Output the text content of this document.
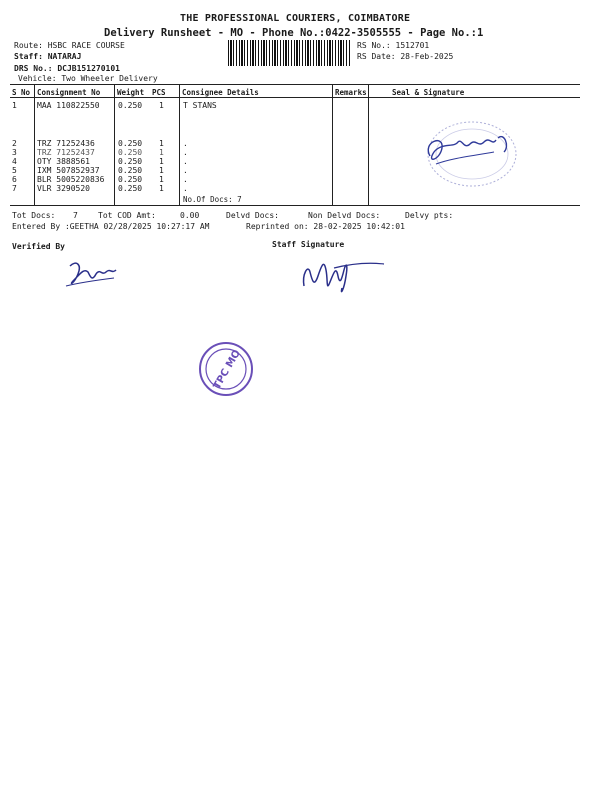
THE PROFESSIONAL COURIERS, COIMBATORE
Delivery Runsheet - MO - Phone No.:0422-3505555 - Page No.:1
Route: HSBC RACE COURSE
Staff: NATARAJ
DRS No.: DCJB151270101
Vehicle: Two Wheeler Delivery
RS No.: 1512701
RS Date: 28-Feb-2025
S No Consignment No Weight PCS Consignee Details	Remarks	Seal & Signature
1	MAA 110822550 0.250 1 T STANS
2	TRZ 71252436	0.250 1 .
3	TRZ 71252437	0.250 1 .
4	OTY 3888561	0.250 1 .
5	IXM 507852937 0.250 1 .
6	BLR 5005220836 0.250 1 .
7	VLR 3290520	0.250 1 .
No.Of Docs: 7
Tot Docs: 7	Tot COD Amt:	0.00	Delvd Docs:	Non Delvd Docs:	Delvy pts:
Entered By :GEETHA 02/28/2025 10:27:17 AM	Reprinted on: 28-02-2025 10:42:01
Verified By	Staff Signature
TPC MO
